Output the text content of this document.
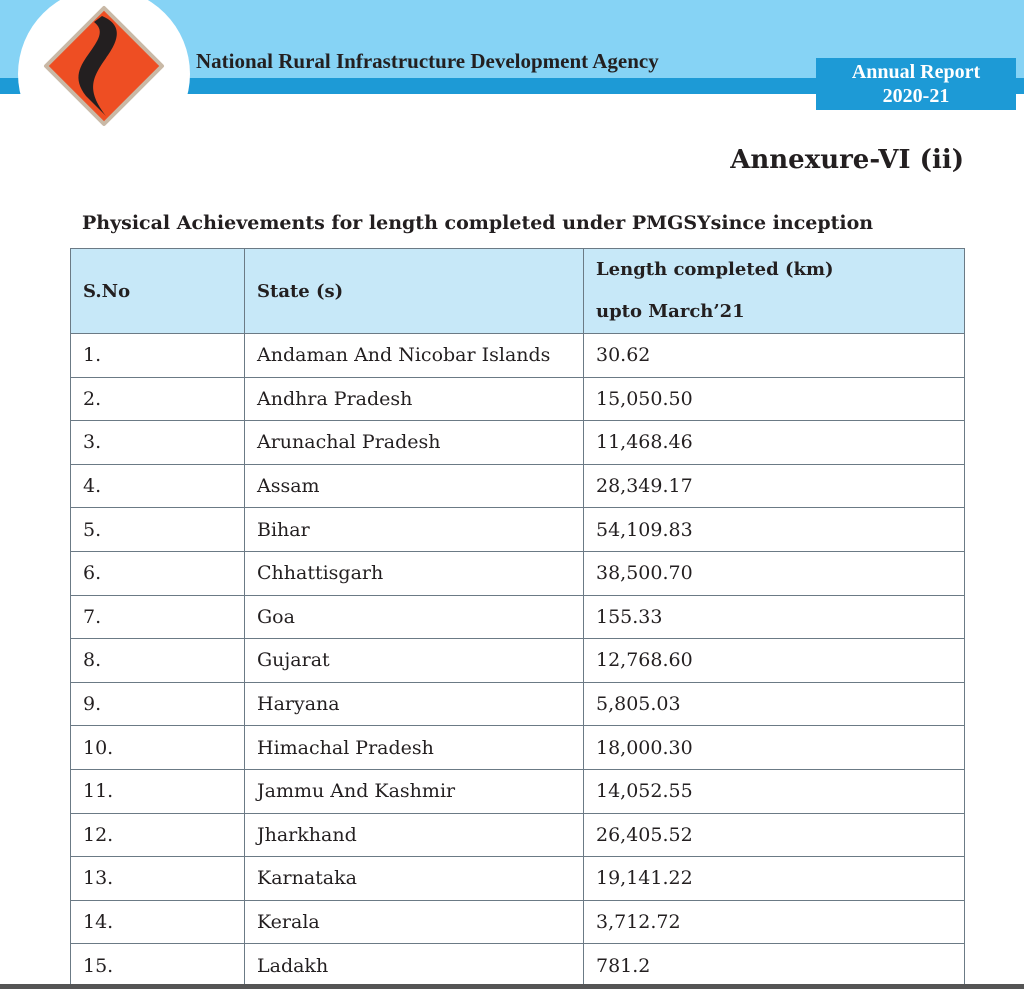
National Rural Infrastructure Development Agency	Annual Report
2020-21
Annexure-VI (ii)
Physical Achievements for length completed under PMGSYsince inception
S.No	State (s)	Length completed (km)
upto March’21

1.	Andaman And Nicobar Islands	30.62
2.	Andhra Pradesh	15,050.50
3.	Arunachal Pradesh	11,468.46
4.	Assam	28,349.17
5.	Bihar	54,109.83
6.	Chhattisgarh	38,500.70
7.	Goa	155.33
8.	Gujarat	12,768.60
9.	Haryana	5,805.03
10.	Himachal Pradesh	18,000.30
11.	Jammu And Kashmir	14,052.55
12.	Jharkhand	26,405.52
13.	Karnataka	19,141.22
14.	Kerala	3,712.72
15.	Ladakh	781.2
